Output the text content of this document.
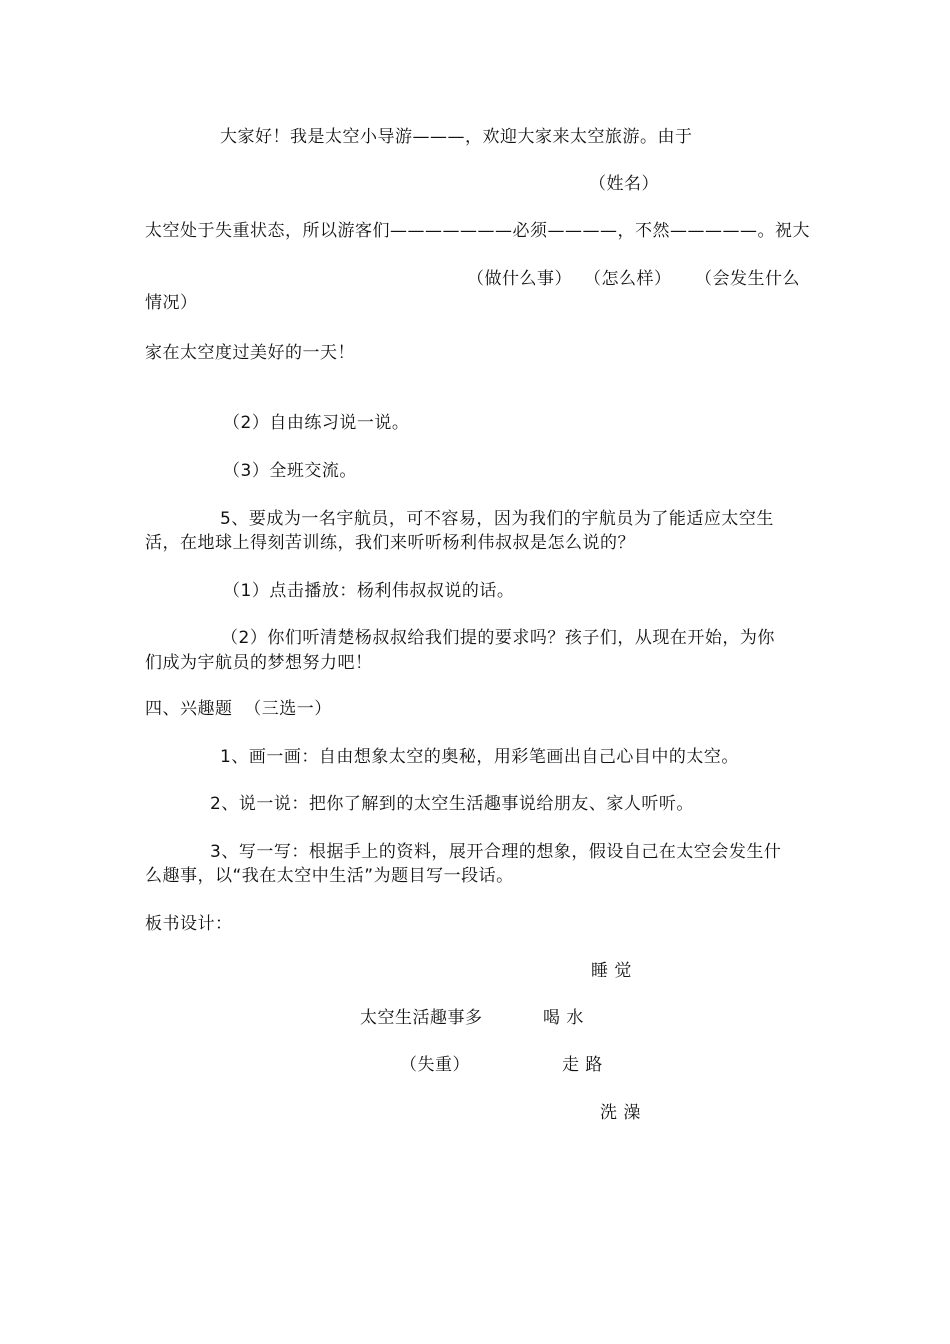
大家好！我是太空小导游———，欢迎大家来太空旅游。由于
（姓名）
太空处于失重状态，所以游客们———————必须————，不然—————。祝大
（做什么事） （怎么样） （会发生什么
情况）
家在太空度过美好的一天！
（2）自由练习说一说。
（3）全班交流。
5、要成为一名宇航员，可不容易，因为我们的宇航员为了能适应太空生
活，在地球上得刻苦训练，我们来听听杨利伟叔叔是怎么说的？
（1）点击播放：杨利伟叔叔说的话。
（2）你们听清楚杨叔叔给我们提的要求吗？孩子们，从现在开始，为你
们成为宇航员的梦想努力吧！
四、兴趣题  （三选一）
1、画一画：自由想象太空的奥秘，用彩笔画出自己心目中的太空。
2、说一说：把你了解到的太空生活趣事说给朋友、家人听听。
3、写一写：根据手上的资料，展开合理的想象，假设自己在太空会发生什
么趣事，以“我在太空中生活”为题目写一段话。
板书设计：
睡 觉
太空生活趣事多	喝 水
（失重）	走 路
洗 澡
